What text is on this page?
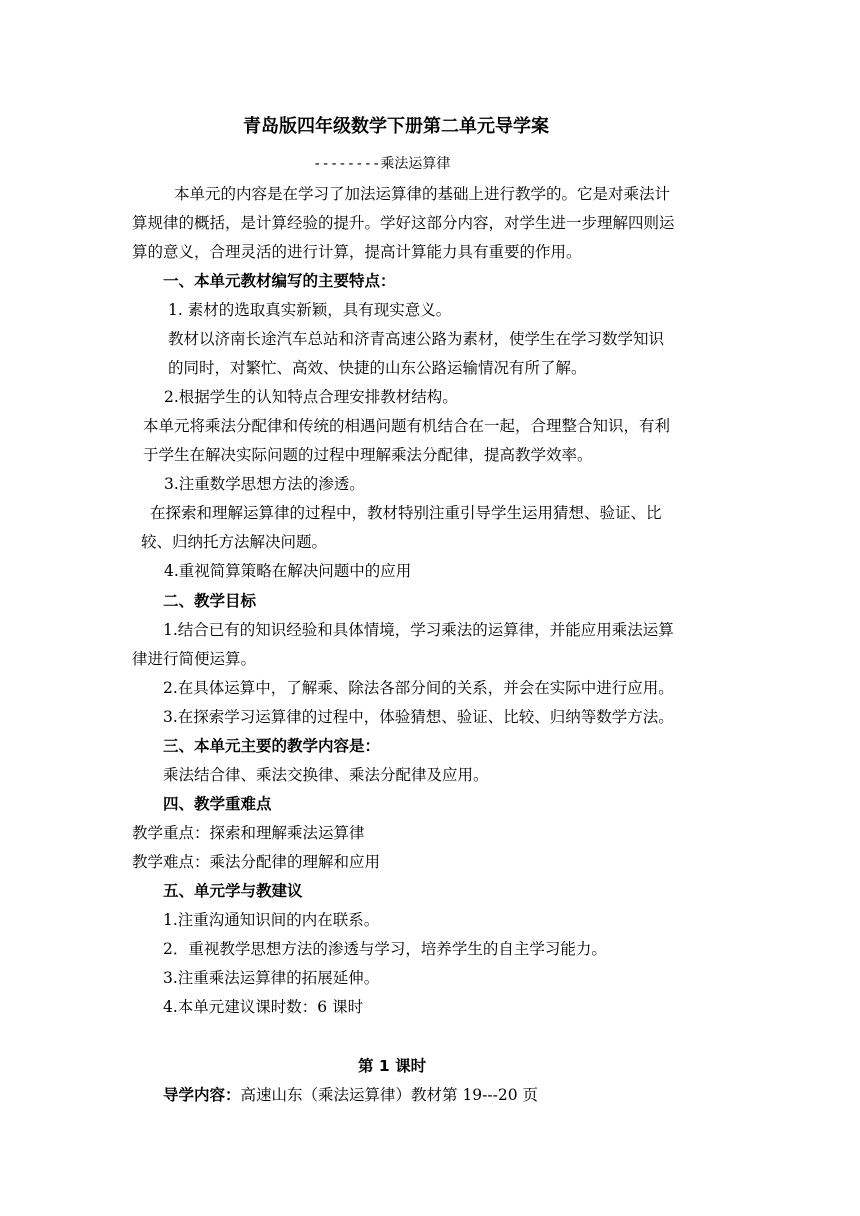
青岛版四年级数学下册第二单元导学案
--------乘法运算律
本单元的内容是在学习了加法运算律的基础上进行教学的。它是对乘法计
算规律的概括，是计算经验的提升。学好这部分内容，对学生进一步理解四则运
算的意义，合理灵活的进行计算，提高计算能力具有重要的作用。
一、本单元教材编写的主要特点：
1. 素材的选取真实新颖，具有现实意义。
教材以济南长途汽车总站和济青高速公路为素材，使学生在学习数学知识
的同时，对繁忙、高效、快捷的山东公路运输情况有所了解。
2.根据学生的认知特点合理安排教材结构。
本单元将乘法分配律和传统的相遇问题有机结合在一起，合理整合知识，有利
于学生在解决实际问题的过程中理解乘法分配律，提高教学效率。
3.注重数学思想方法的渗透。
在探索和理解运算律的过程中，教材特别注重引导学生运用猜想、验证、比
较、归纳托方法解决问题。
4.重视简算策略在解决问题中的应用
二、教学目标
1.结合已有的知识经验和具体情境，学习乘法的运算律，并能应用乘法运算
律进行简便运算。
2.在具体运算中，了解乘、除法各部分间的关系，并会在实际中进行应用。
3.在探索学习运算律的过程中，体验猜想、验证、比较、归纳等数学方法。
三、本单元主要的教学内容是：
乘法结合律、乘法交换律、乘法分配律及应用。
四、教学重难点
教学重点：探索和理解乘法运算律
教学难点：乘法分配律的理解和应用
五、单元学与教建议
1.注重沟通知识间的内在联系。
2．重视教学思想方法的渗透与学习，培养学生的自主学习能力。
3.注重乘法运算律的拓展延伸。
4.本单元建议课时数：6 课时
第 1 课时
导学内容：高速山东（乘法运算律）教材第 19---20 页
